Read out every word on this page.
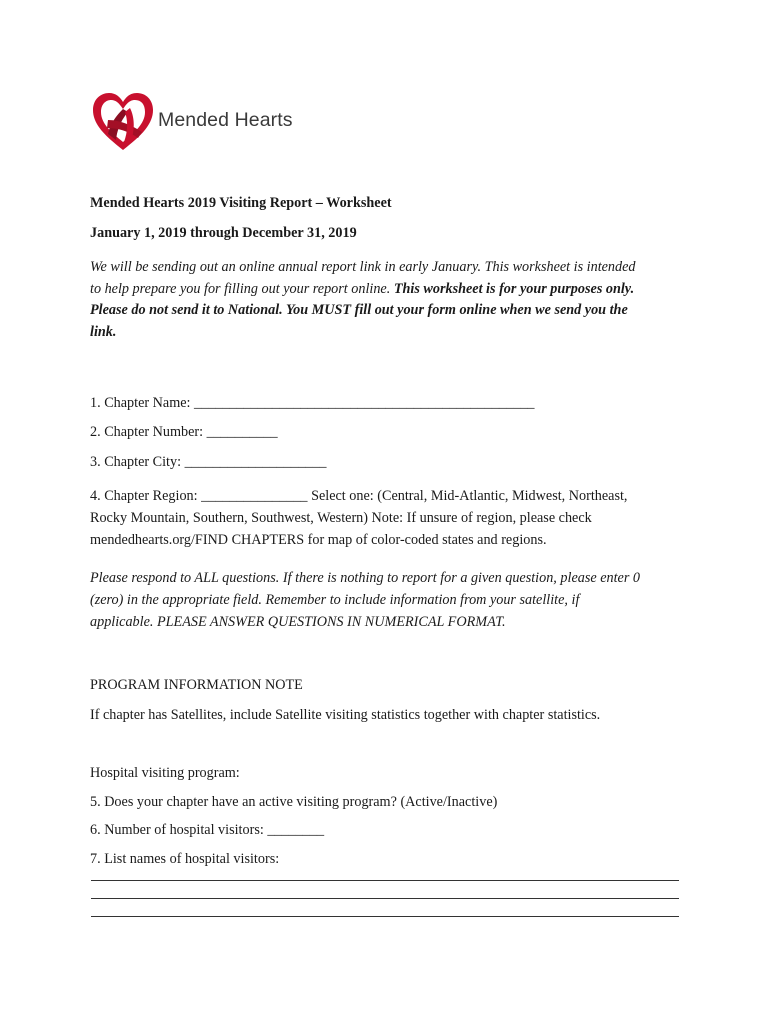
Mended Hearts
Mended Hearts 2019 Visiting Report – Worksheet
January 1, 2019 through December 31, 2019
We will be sending out an online annual report link in early January. This worksheet is intended
to help prepare you for filling out your report online. This worksheet is for your purposes only.
Please do not send it to National. You MUST fill out your form online when we send you the
link.
1. Chapter Name: ________________________________________________
2. Chapter Number: __________
3. Chapter City: ____________________
4. Chapter Region: _______________ Select one: (Central, Mid-Atlantic, Midwest, Northeast,
Rocky Mountain, Southern, Southwest, Western) Note: If unsure of region, please check
mendedhearts.org/FIND CHAPTERS for map of color-coded states and regions.
Please respond to ALL questions. If there is nothing to report for a given question, please enter 0
(zero) in the appropriate field. Remember to include information from your satellite, if
applicable. PLEASE ANSWER QUESTIONS IN NUMERICAL FORMAT.
PROGRAM INFORMATION NOTE
If chapter has Satellites, include Satellite visiting statistics together with chapter statistics.
Hospital visiting program:
5. Does your chapter have an active visiting program? (Active/Inactive)
6. Number of hospital visitors: ________
7. List names of hospital visitors:
